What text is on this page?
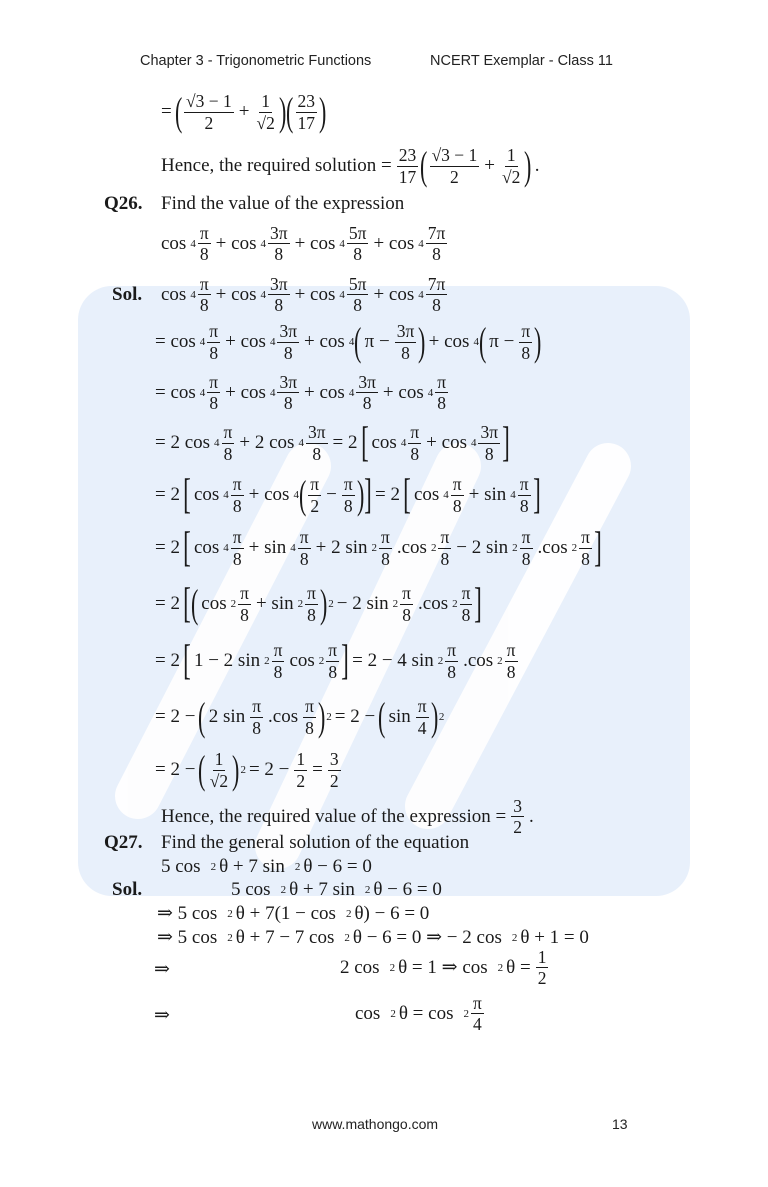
Chapter 3 - Trigonometric Functions	NCERT Exemplar - Class 11
Q26.
Sol.
Q27.
Sol.
= ( $\frac{√3 - 1}{2} + \frac{1}{√2}$ ) ( $\frac{23}{17}$ )
Hence, the required solution = $\frac{23}{17}$ ( $\frac{√3 - 1}{2} + \frac{1}{√2}$ ) .
Find the value of the expression
$\cos 4 \frac{\pi}{8} + \cos 4 \frac{3\pi}{8} + \cos 4 \frac{5\pi}{8} + \cos 4 \frac{7\pi}{8}$
$\cos 4 \frac{\pi}{8} + \cos 4 \frac{3\pi}{8} + \cos 4 \frac{5\pi}{8} + \cos 4 \frac{7\pi}{8}$
= $\cos 4 \frac{\pi}{8} + \cos 4 \frac{3\pi}{8} + \cos 4$ ( $\pi - \frac{3\pi}{8}$ ) + cos 4 ( $\pi - \frac{\pi}{8}$ )
= $\cos 4 \frac{\pi}{8} + \cos 4 \frac{3\pi}{8} + \cos 4 \frac{3\pi}{8} + \cos 4 \frac{\pi}{8}$
= 2 $\cos 4 \frac{\pi}{8} + 2$ $\cos 4 \frac{3\pi}{8} = 2$ [ $\cos 4 \frac{\pi}{8} + \cos 4 \frac{3\pi}{8}$ ]
= 2 [ $\cos 4 \frac{\pi}{8} + \cos 4$ ( $\frac{\pi}{2} - \frac{\pi}{8}$ ) ] = 2 [ $\cos 4 \frac{\pi}{8} + \sin 4 \frac{\pi}{8}$ ]
= 2 [ $\cos 4 \frac{\pi}{8} + \sin 4 \frac{\pi}{8} + 2$ $\sin 2 \frac{\pi}{8} .\cos$ $2 \frac{\pi}{8} - 2$ $\sin 2 \frac{\pi}{8} .\cos$ $2 \frac{\pi}{8}$ ]
= 2 [ ( $\cos 2 \frac{\pi}{8} + \sin 2 \frac{\pi}{8}$ ) 2 − 2 $\sin 2 \frac{\pi}{8} .\cos$ $2 \frac{\pi}{8}$ ]
= 2 [ 1 − 2 $\sin 2 \frac{\pi}{8}$ $\cos 2 \frac{\pi}{8}$ ] = 2 − 4 $\sin 2 \frac{\pi}{8} .\cos$ $2 \frac{\pi}{8}$
= 2 − ( 2 $\sin \frac{\pi}{8} .\cos \frac{\pi}{8}$ ) 2 = 2 − ( $\sin \frac{\pi}{4}$ ) 2
= 2 − ( $\frac{1}{√2}$ ) $2 = 2 - \frac{1}{2} = \frac{3}{2}$
Hence, the required value of the expression = $\frac{3}{2}$ .
Find the general solution of the equation
5 cos 2 θ + 7 sin 2 θ − 6 = 0
5 cos 2 θ + 7 sin 2 θ − 6 = 0
⇒ 5 cos 2 θ + 7(1 − cos 2 θ) − 6 = 0
⇒ 5 cos 2 θ + 7 − 7 cos 2 θ − 6 = 0 ⇒ − 2 cos 2 θ + 1 = 0
⇒	2 cos 2 θ = 1 ⇒ cos 2 $\theta = \frac{1}{2}$
⇒	cos 2 $\theta = \cos 2 \frac{\pi}{4}$
www.mathongo.com	13
